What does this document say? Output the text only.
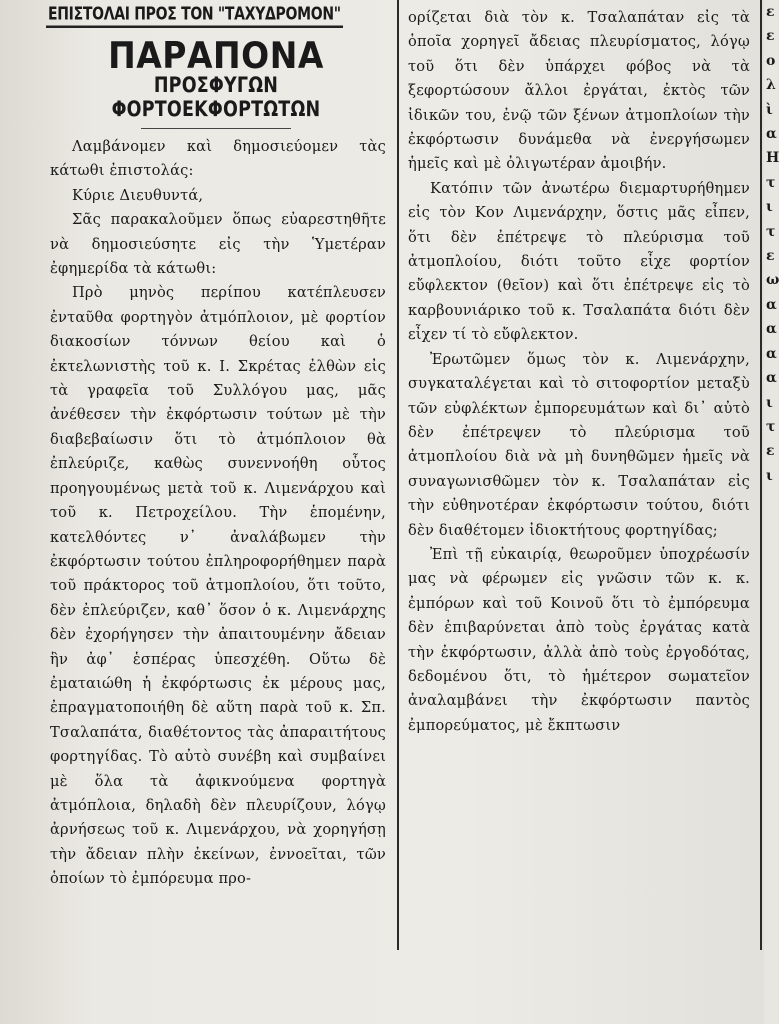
ΕΠΙΣΤΟΛΑΙ ΠΡΟΣ ΤΟΝ "ΤΑΧΥΔΡΟΜΟΝ"
ΠΑΡΑΠΟΝΑ
ΠΡΟΣΦΥΓΩΝ ΦΟΡΤΟΕΚΦΟΡΤΩΤΩΝ

Λαμβάνομεν καὶ δημοσιεύομεν τὰς κάτωθι ἐπιστολάς:

Κύριε Διευθυντά,

Σᾶς παρακαλοῦμεν ὅπως εὐαρεστηθῆτε νὰ δημοσιεύσητε εἰς τὴν Ὑμετέραν ἐφημερίδα τὰ κάτωθι:

Πρὸ μηνὸς περίπου κατέπλευσεν ἐνταῦθα φορτηγὸν ἀτμόπλοιον, μὲ φορτίον διακοσίων τόννων θείου καὶ ὁ ἐκτελωνιστὴς τοῦ κ. Ι. Σκρέτας ἐλθὼν εἰς τὰ γραφεῖα τοῦ Συλλόγου μας, μᾶς ἀνέθεσεν τὴν ἐκφόρτωσιν τούτων μὲ τὴν διαβεβαίωσιν ὅτι τὸ ἀτμόπλοιον θὰ ἐπλεύριζε, καθὼς συνεννοήθη οὗτος προηγουμένως μετὰ τοῦ κ. Λιμενάρχου καὶ τοῦ κ. Πετροχείλου. Τὴν ἑπομένην, κατελθόντες ν᾽ ἀναλάβωμεν τὴν ἐκφόρτωσιν τούτου ἐπληροφορήθημεν παρὰ τοῦ πράκτορος τοῦ ἀτμοπλοίου, ὅτι τοῦτο, δὲν ἐπλεύριζεν, καθ᾽ ὅσον ὁ κ. Λιμενάρχης δὲν ἐχορήγησεν τὴν ἀπαιτουμένην ἄδειαν ἣν ἀφ᾽ ἑσπέρας ὑπεσχέθη. Οὕτω δὲ ἐματαιώθη ἡ ἐκφόρτωσις ἐκ μέρους μας, ἐπραγματοποιήθη δὲ αὕτη παρὰ τοῦ κ. Σπ. Τσαλαπάτα, διαθέτοντος τὰς ἀπαραιτήτους φορτηγίδας. Τὸ αὐτὸ συνέβη καὶ συμβαίνει μὲ ὅλα τὰ ἀφικνούμενα φορτηγὰ ἀτμόπλοια, δηλαδὴ δὲν πλευρίζουν, λόγῳ ἀρνήσεως τοῦ κ. Λιμενάρχου, νὰ χορηγήσῃ τὴν ἄδειαν πλὴν ἐκείνων, ἐννοεῖται, τῶν ὁποίων τὸ ἐμπόρευμα προ-

ορίζεται διὰ τὸν κ. Τσαλαπάταν εἰς τὰ ὁποῖα χορηγεῖ ἄδειας πλευρίσματος, λόγῳ τοῦ ὅτι δὲν ὑπάρχει φόβος νὰ τὰ ξεφορτώσουν ἄλλοι ἐργάται, ἐκτὸς τῶν ἰδικῶν του, ἐνῷ τῶν ξένων ἀτμοπλοίων τὴν ἐκφόρτωσιν δυνάμεθα νὰ ἐνεργήσωμεν ἡμεῖς καὶ μὲ ὀλιγωτέραν ἀμοιβήν.

Κατόπιν τῶν ἀνωτέρω διεμαρτυρήθημεν εἰς τὸν Κον Λιμενάρχην, ὅστις μᾶς εἶπεν, ὅτι δὲν ἐπέτρεψε τὸ πλεύρισμα τοῦ ἀτμοπλοίου, διότι τοῦτο εἶχε φορτίον εὔφλεκτον (θεῖον) καὶ ὅτι ἐπέτρεψε εἰς τὸ καρβουνιάρικο τοῦ κ. Τσαλαπάτα διότι δὲν εἶχεν τί τὸ εὔφλεκτον.

Ἐρωτῶμεν ὅμως τὸν κ. Λιμενάρχην, συγκαταλέγεται καὶ τὸ σιτοφορτίον μεταξὺ τῶν εὐφλέκτων ἐμπορευμάτων καὶ δι᾽ αὐτὸ δὲν ἐπέτρεψεν τὸ πλεύρισμα τοῦ ἀτμοπλοίου διὰ νὰ μὴ δυνηθῶμεν ἡμεῖς νὰ συναγωνισθῶμεν τὸν κ. Τσαλαπάταν εἰς τὴν εὐθηνοτέραν ἐκφόρτωσιν τούτου, διότι δὲν διαθέτομεν ἰδιοκτήτους φορτηγίδας;

Ἐπὶ τῇ εὐκαιρίᾳ, θεωροῦμεν ὑποχρέωσίν μας νὰ φέρωμεν εἰς γνῶσιν τῶν κ. κ. ἐμπόρων καὶ τοῦ Κοινοῦ ὅτι τὸ ἐμπόρευμα δὲν ἐπιβαρύνεται ἀπὸ τοὺς ἐργάτας κατὰ τὴν ἐκφόρτωσιν, ἀλλὰ ἀπὸ τοὺς ἐργοδότας, δεδομένου ὅτι, τὸ ἡμέτερον σωματεῖον ἀναλαμβάνει τὴν ἐκφόρτωσιν παντὸς ἐμπορεύματος, μὲ ἔκπτωσιν

ε
ε
ο
λ
ὶ
α
Η
τ
ι
τ
ε
ω
α
α
α
α
ι
τ
ε
ι
